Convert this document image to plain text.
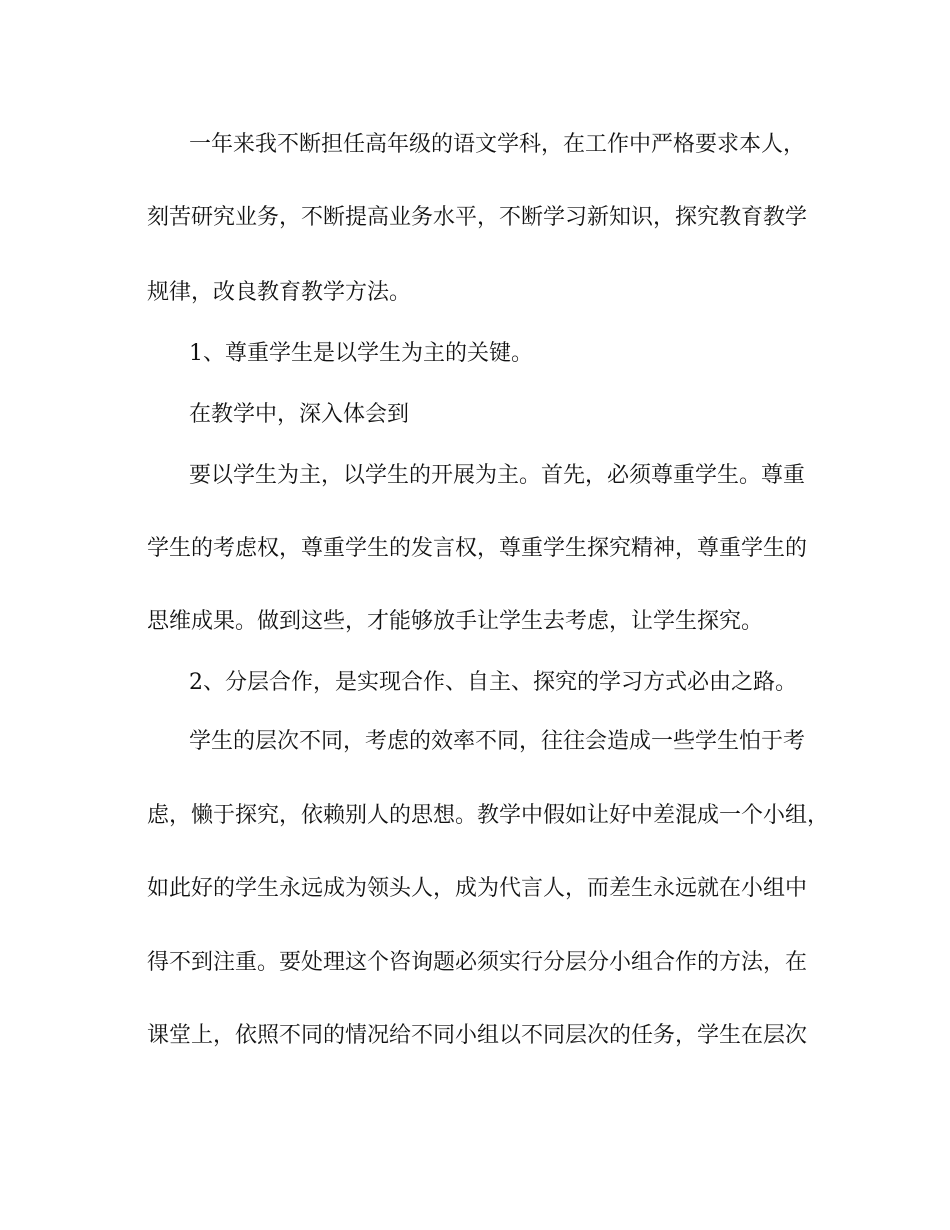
一年来我不断担任高年级的语文学科，在工作中严格要求本人，
刻苦研究业务，不断提高业务水平，不断学习新知识，探究教育教学
规律，改良教育教学方法。
1、尊重学生是以学生为主的关键。
在教学中，深入体会到
要以学生为主，以学生的开展为主。首先，必须尊重学生。尊重
学生的考虑权，尊重学生的发言权，尊重学生探究精神，尊重学生的
思维成果。做到这些，才能够放手让学生去考虑，让学生探究。
2、分层合作，是实现合作、自主、探究的学习方式必由之路。
学生的层次不同，考虑的效率不同，往往会造成一些学生怕于考
虑，懒于探究，依赖别人的思想。教学中假如让好中差混成一个小组，
如此好的学生永远成为领头人，成为代言人，而差生永远就在小组中
得不到注重。要处理这个咨询题必须实行分层分小组合作的方法，在
课堂上，依照不同的情况给不同小组以不同层次的任务，学生在层次
